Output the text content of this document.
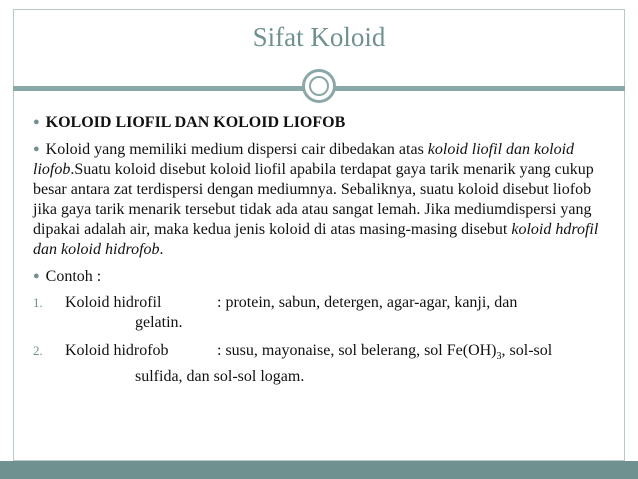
Sifat Koloid
● KOLOID LIOFIL DAN KOLOID LIOFOB
● Koloid yang memiliki medium dispersi cair dibedakan atas koloid liofil dan koloid liofob.Suatu koloid disebut koloid liofil apabila terdapat gaya tarik menarik yang cukup besar antara zat terdispersi dengan mediumnya. Sebaliknya, suatu koloid disebut liofob jika gaya tarik menarik tersebut tidak ada atau sangat lemah. Jika mediumdispersi yang dipakai adalah air, maka kedua jenis koloid di atas masing-masing disebut koloid hdrofil dan koloid hidrofob.
● Contoh :
1. Koloid hidrofil	: protein, sabun, detergen, agar-agar, kanji, dan
gelatin.
2. Koloid hidrofob	: susu, mayonaise, sol belerang, sol $Fe(OH)_3$, sol-sol
sulfida, dan sol-sol logam.
